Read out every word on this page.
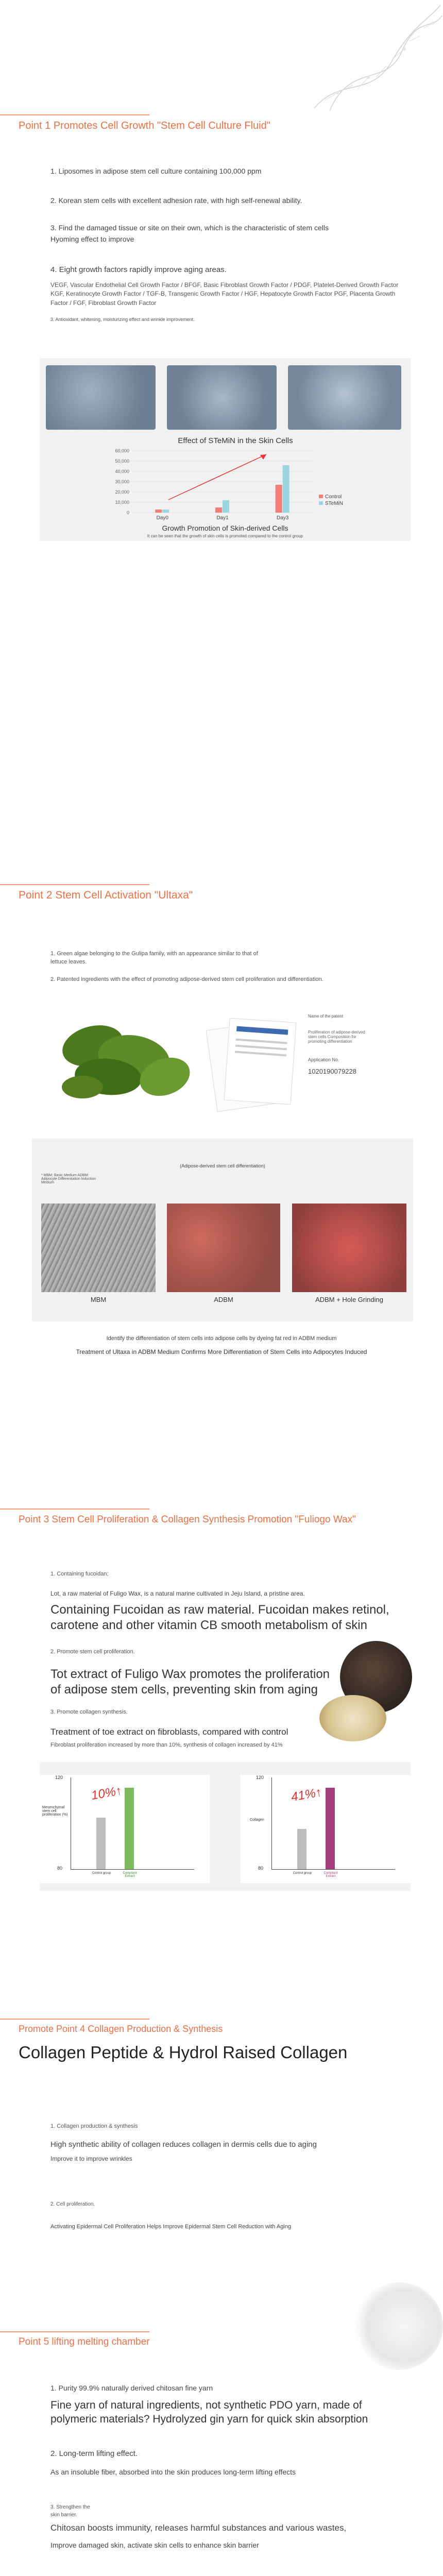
Point 1 Promotes Cell Growth "Stem Cell Culture Fluid"
1. Liposomes in adipose stem cell culture containing 100,000 ppm
2. Korean stem cells with excellent adhesion rate, with high self-renewal ability.
3. Find the damaged tissue or site on their own, which is the characteristic of stem cells
Hyoming effect to improve
4. Eight growth factors rapidly improve aging areas.
VEGF, Vascular Endothelial Cell Growth Factor / BFGF, Basic Fibroblast Growth Factor / PDGF, Platelet-Derived Growth Factor KGF, Keratinocyte Growth Factor / TGF-B, Transgenic Growth Factor / HGF, Hepatocyte Growth Factor PGF, Placenta Growth Factor / FGF, Fibroblast Growth Factor
3. Antioxidant, whitening, moisturizing effect and wrinkle improvement.
Effect of STeMiN in the Skin Cells
0
10,000
20,000
30,000
40,000
50,000
60,000
Day0	Day1	Day3
Control
STeMiN
Growth Promotion of Skin-derived Cells
It can be seen that the growth of skin cells is promoted compared to the control group
Point 2 Stem Cell Activation "Ultaxa"
1. Green algae belonging to the Gulipa family, with an appearance similar to that of lettuce leaves.
2. Patented ingredients with the effect of promoting adipose-derived stem cell proliferation and differentiation.
Name of the patent
Proliferation of adipose-derived stem cells Composition for promoting differentiation
Application No.
1020190079228
(Adipose-derived stem cell differentiation)
* MBM: Basic Medium ADBM: Adipocyte Differentiation Induction Medium
MBM	ADBM	ADBM + Hole Grinding
Identify the differentiation of stem cells into adipose cells by dyeing fat red in ADBM medium
Treatment of Ultaxa in ADBM Medium Confirms More Differentiation of Stem Cells into Adipocytes Induced
Point 3 Stem Cell Proliferation & Collagen Synthesis Promotion "Fuliogo Wax"
1. Containing fucoidan;
Lot, a raw material of Fuligo Wax, is a natural marine cultivated in Jeju Island, a pristine area.
Containing Fucoidan as raw material. Fucoidan makes retinol, carotene and other vitamin CB smooth metabolism of skin
2. Promote stem cell proliferation.
Tot extract of Fuligo Wax promotes the proliferation of adipose stem cells, preventing skin from aging
3. Promote collagen synthesis.
Treatment of toe extract on fibroblasts, compared with control
Fibroblast proliferation increased by more than 10%, synthesis of collagen increased by 41%
120
80
Mesenchymal stem cell proliferation (%)
Control group	Compliant Extract
10%↑
120
80
Collagen
Control group	Compliant Extract
41%↑
Promote Point 4 Collagen Production & Synthesis
Collagen Peptide & Hydrol Raised Collagen
1. Collagen production & synthesis
High synthetic ability of collagen reduces collagen in dermis cells due to aging
Improve it to improve wrinkles
2. Cell proliferation.
Activating Epidermal Cell Proliferation Helps Improve Epidermal Stem Cell Reduction with Aging
Point 5 lifting melting chamber
1. Purity 99.9% naturally derived chitosan fine yarn
Fine yarn of natural ingredients, not synthetic PDO yarn, made of polymeric materials? Hydrolyzed gin yarn for quick skin absorption
2. Long-term lifting effect.
As an insoluble fiber, absorbed into the skin produces long-term lifting effects
3. Strengthen the skin barrier.
Chitosan boosts immunity, releases harmful substances and various wastes,
Improve damaged skin, activate skin cells to enhance skin barrier
